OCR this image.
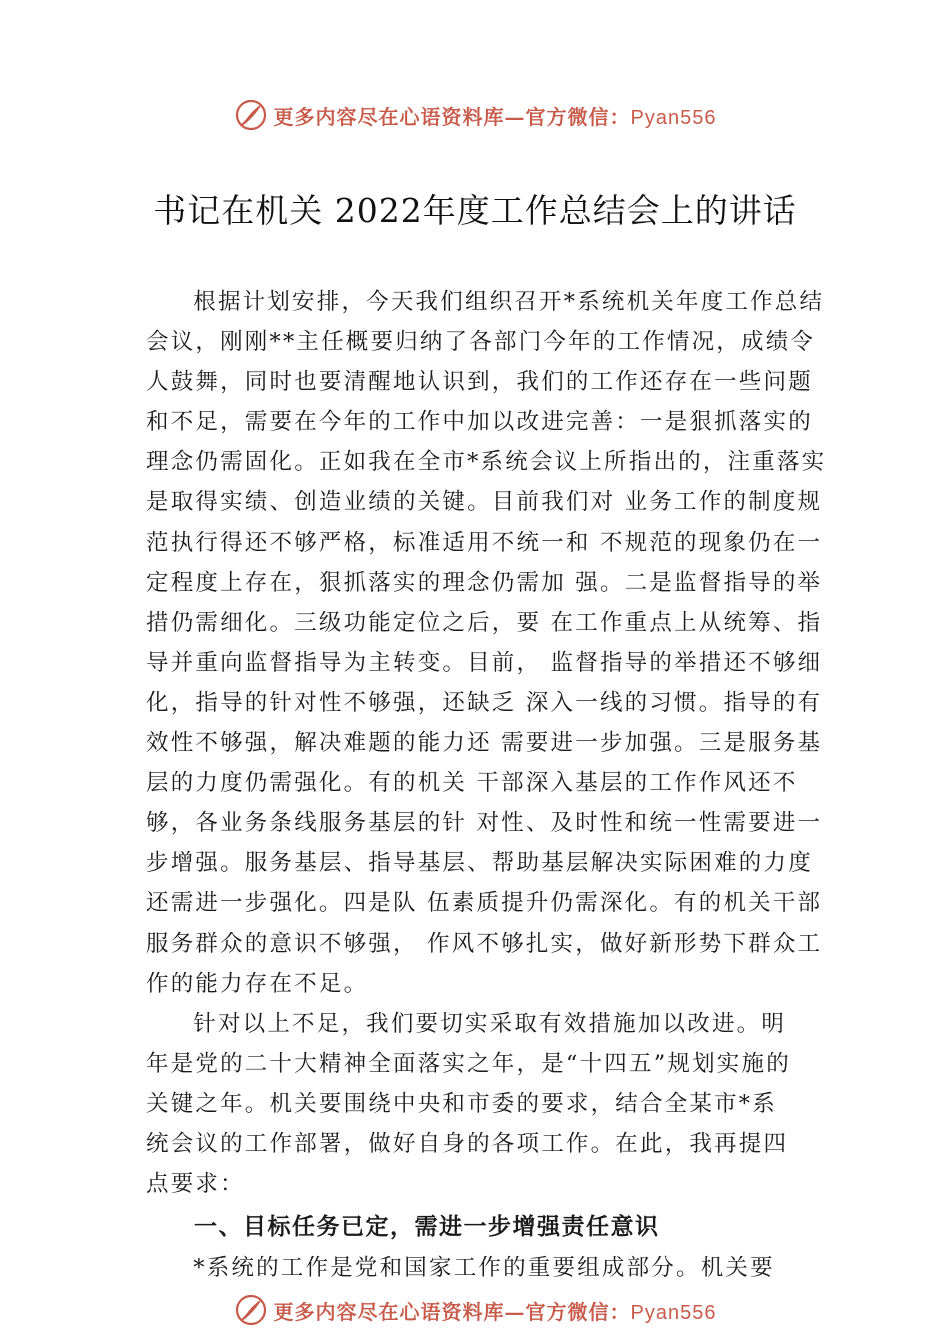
更多内容尽在心语资料库—官方微信：Pyan556
书记在机关 2022年度工作总结会上的讲话

根据计划安排，今天我们组织召开*系统机关年度工作总结会议，刚刚**主任概要归纳了各部门今年的工作情况，成绩令人鼓舞，同时也要清醒地认识到，我们的工作还存在一些问题和不足，需要在今年的工作中加以改进完善：一是狠抓落实的理念仍需固化。正如我在全市*系统会议上所指出的，注重落实是取得实绩、创造业绩的关键。目前我们对 业务工作的制度规范执行得还不够严格，标准适用不统一和 不规范的现象仍在一定程度上存在，狠抓落实的理念仍需加 强。二是监督指导的举措仍需细化。三级功能定位之后，要 在工作重点上从统筹、指导并重向监督指导为主转变。目前， 监督指导的举措还不够细化，指导的针对性不够强，还缺乏 深入一线的习惯。指导的有效性不够强，解决难题的能力还 需要进一步加强。三是服务基层的力度仍需强化。有的机关 干部深入基层的工作作风还不够，各业务条线服务基层的针 对性、及时性和统一性需要进一步增强。服务基层、指导基层、帮助基层解决实际困难的力度还需进一步强化。四是队 伍素质提升仍需深化。有的机关干部服务群众的意识不够强， 作风不够扎实，做好新形势下群众工作的能力存在不足。

针对以上不足，我们要切实采取有效措施加以改进。明年是党的二十大精神全面落实之年，是“十四五”规划实施的关键之年。机关要围绕中央和市委的要求，结合全某市*系统会议的工作部署，做好自身的各项工作。在此，我再提四点要求：

一、目标任务已定，需进一步增强责任意识

*系统的工作是党和国家工作的重要组成部分。机关要

更多内容尽在心语资料库—官方微信：Pyan556
